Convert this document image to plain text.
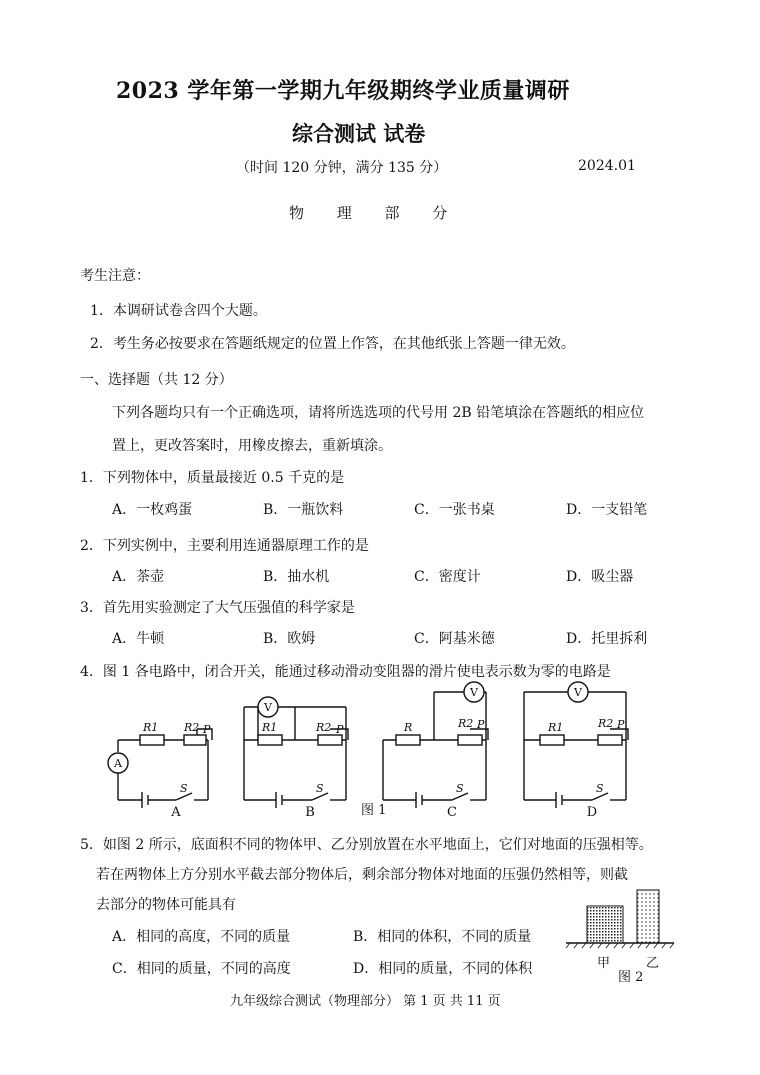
2023 学年第一学期九年级期终学业质量调研
综合测试 试卷
（时间 120 分钟，满分 135 分）	2024.01
物 理 部 分
考生注意：
1．本调研试卷含四个大题。
2．考生务必按要求在答题纸规定的位置上作答，在其他纸张上答题一律无效。
一、选择题（共 12 分）
下列各题均只有一个正确选项，请将所选选项的代号用 2B 铅笔填涂在答题纸的相应位
置上，更改答案时，用橡皮擦去，重新填涂。
1．下列物体中，质量最接近 0.5 千克的是
A．一枚鸡蛋	B．一瓶饮料	C．一张书桌	D．一支铅笔
2．下列实例中，主要利用连通器原理工作的是
A．茶壶	B．抽水机	C．密度计	D．吸尘器
3．首先用实验测定了大气压强值的科学家是
A．牛顿	B．欧姆	C．阿基米德	D．托里拆利
4．图 1 各电路中，闭合开关，能通过移动滑动变阻器的滑片使电表示数为零的电路是
R1 R2 P
S
R1	R2 P
S
R	R2 P
S
R1	R2 P
S
A
V
V	V
A	B	C	D
图 1
5．如图 2 所示，底面积不同的物体甲、乙分别放置在水平地面上，它们对地面的压强相等。
若在两物体上方分别水平截去部分物体后，剩余部分物体对地面的压强仍然相等，则截
去部分的物体可能具有
A．相同的高度，不同的质量	B．相同的体积，不同的质量
C．相同的质量，不同的高度	D．相同的质量，不同的体积	甲	乙
图 2
九年级综合测试（物理部分） 第 1 页 共 11 页
